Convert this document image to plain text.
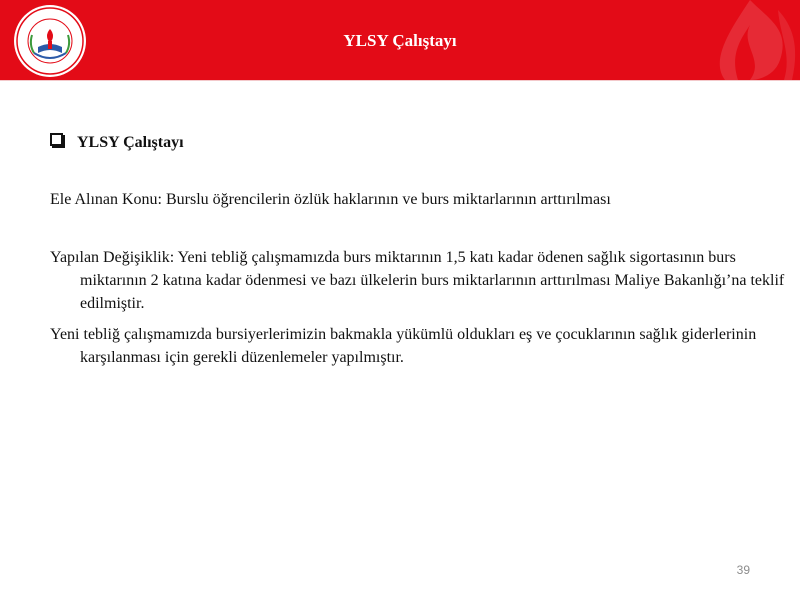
YLSY Çalıştayı
YLSY Çalıştayı

Ele Alınan Konu: Burslu öğrencilerin özlük haklarının ve burs miktarlarının arttırılması

Yapılan Değişiklik: Yeni tebliğ çalışmamızda burs miktarının 1,5 katı kadar ödenen sağlık sigortasının burs miktarının 2 katına kadar ödenmesi ve bazı ülkelerin burs miktarlarının arttırılması Maliye Bakanlığı’na teklif edilmiştir.

Yeni tebliğ çalışmamızda bursiyerlerimizin bakmakla yükümlü oldukları eş ve çocuklarının sağlık giderlerinin karşılanması için gerekli düzenlemeler yapılmıştır.

39
